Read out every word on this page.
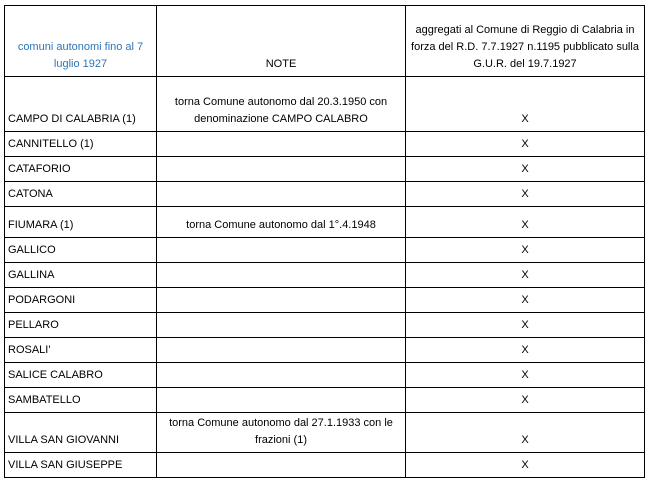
comuni autonomi fino al 7 luglio 1927	NOTE	aggregati al Comune di Reggio di Calabria in forza del R.D. 7.7.1927 n.1195 pubblicato sulla G.U.R. del 19.7.1927
CAMPO DI CALABRIA (1)	torna Comune autonomo dal 20.3.1950 con denominazione CAMPO CALABRO	X
CANNITELLO (1)		X
CATAFORIO		X
CATONA		X
FIUMARA (1)	torna Comune autonomo dal 1°.4.1948	X
GALLICO		X
GALLINA		X
PODARGONI		X
PELLARO		X
ROSALI'		X
SALICE CALABRO		X
SAMBATELLO		X
VILLA SAN GIOVANNI	torna Comune autonomo dal 27.1.1933 con le frazioni (1)	X
VILLA SAN GIUSEPPE		X
